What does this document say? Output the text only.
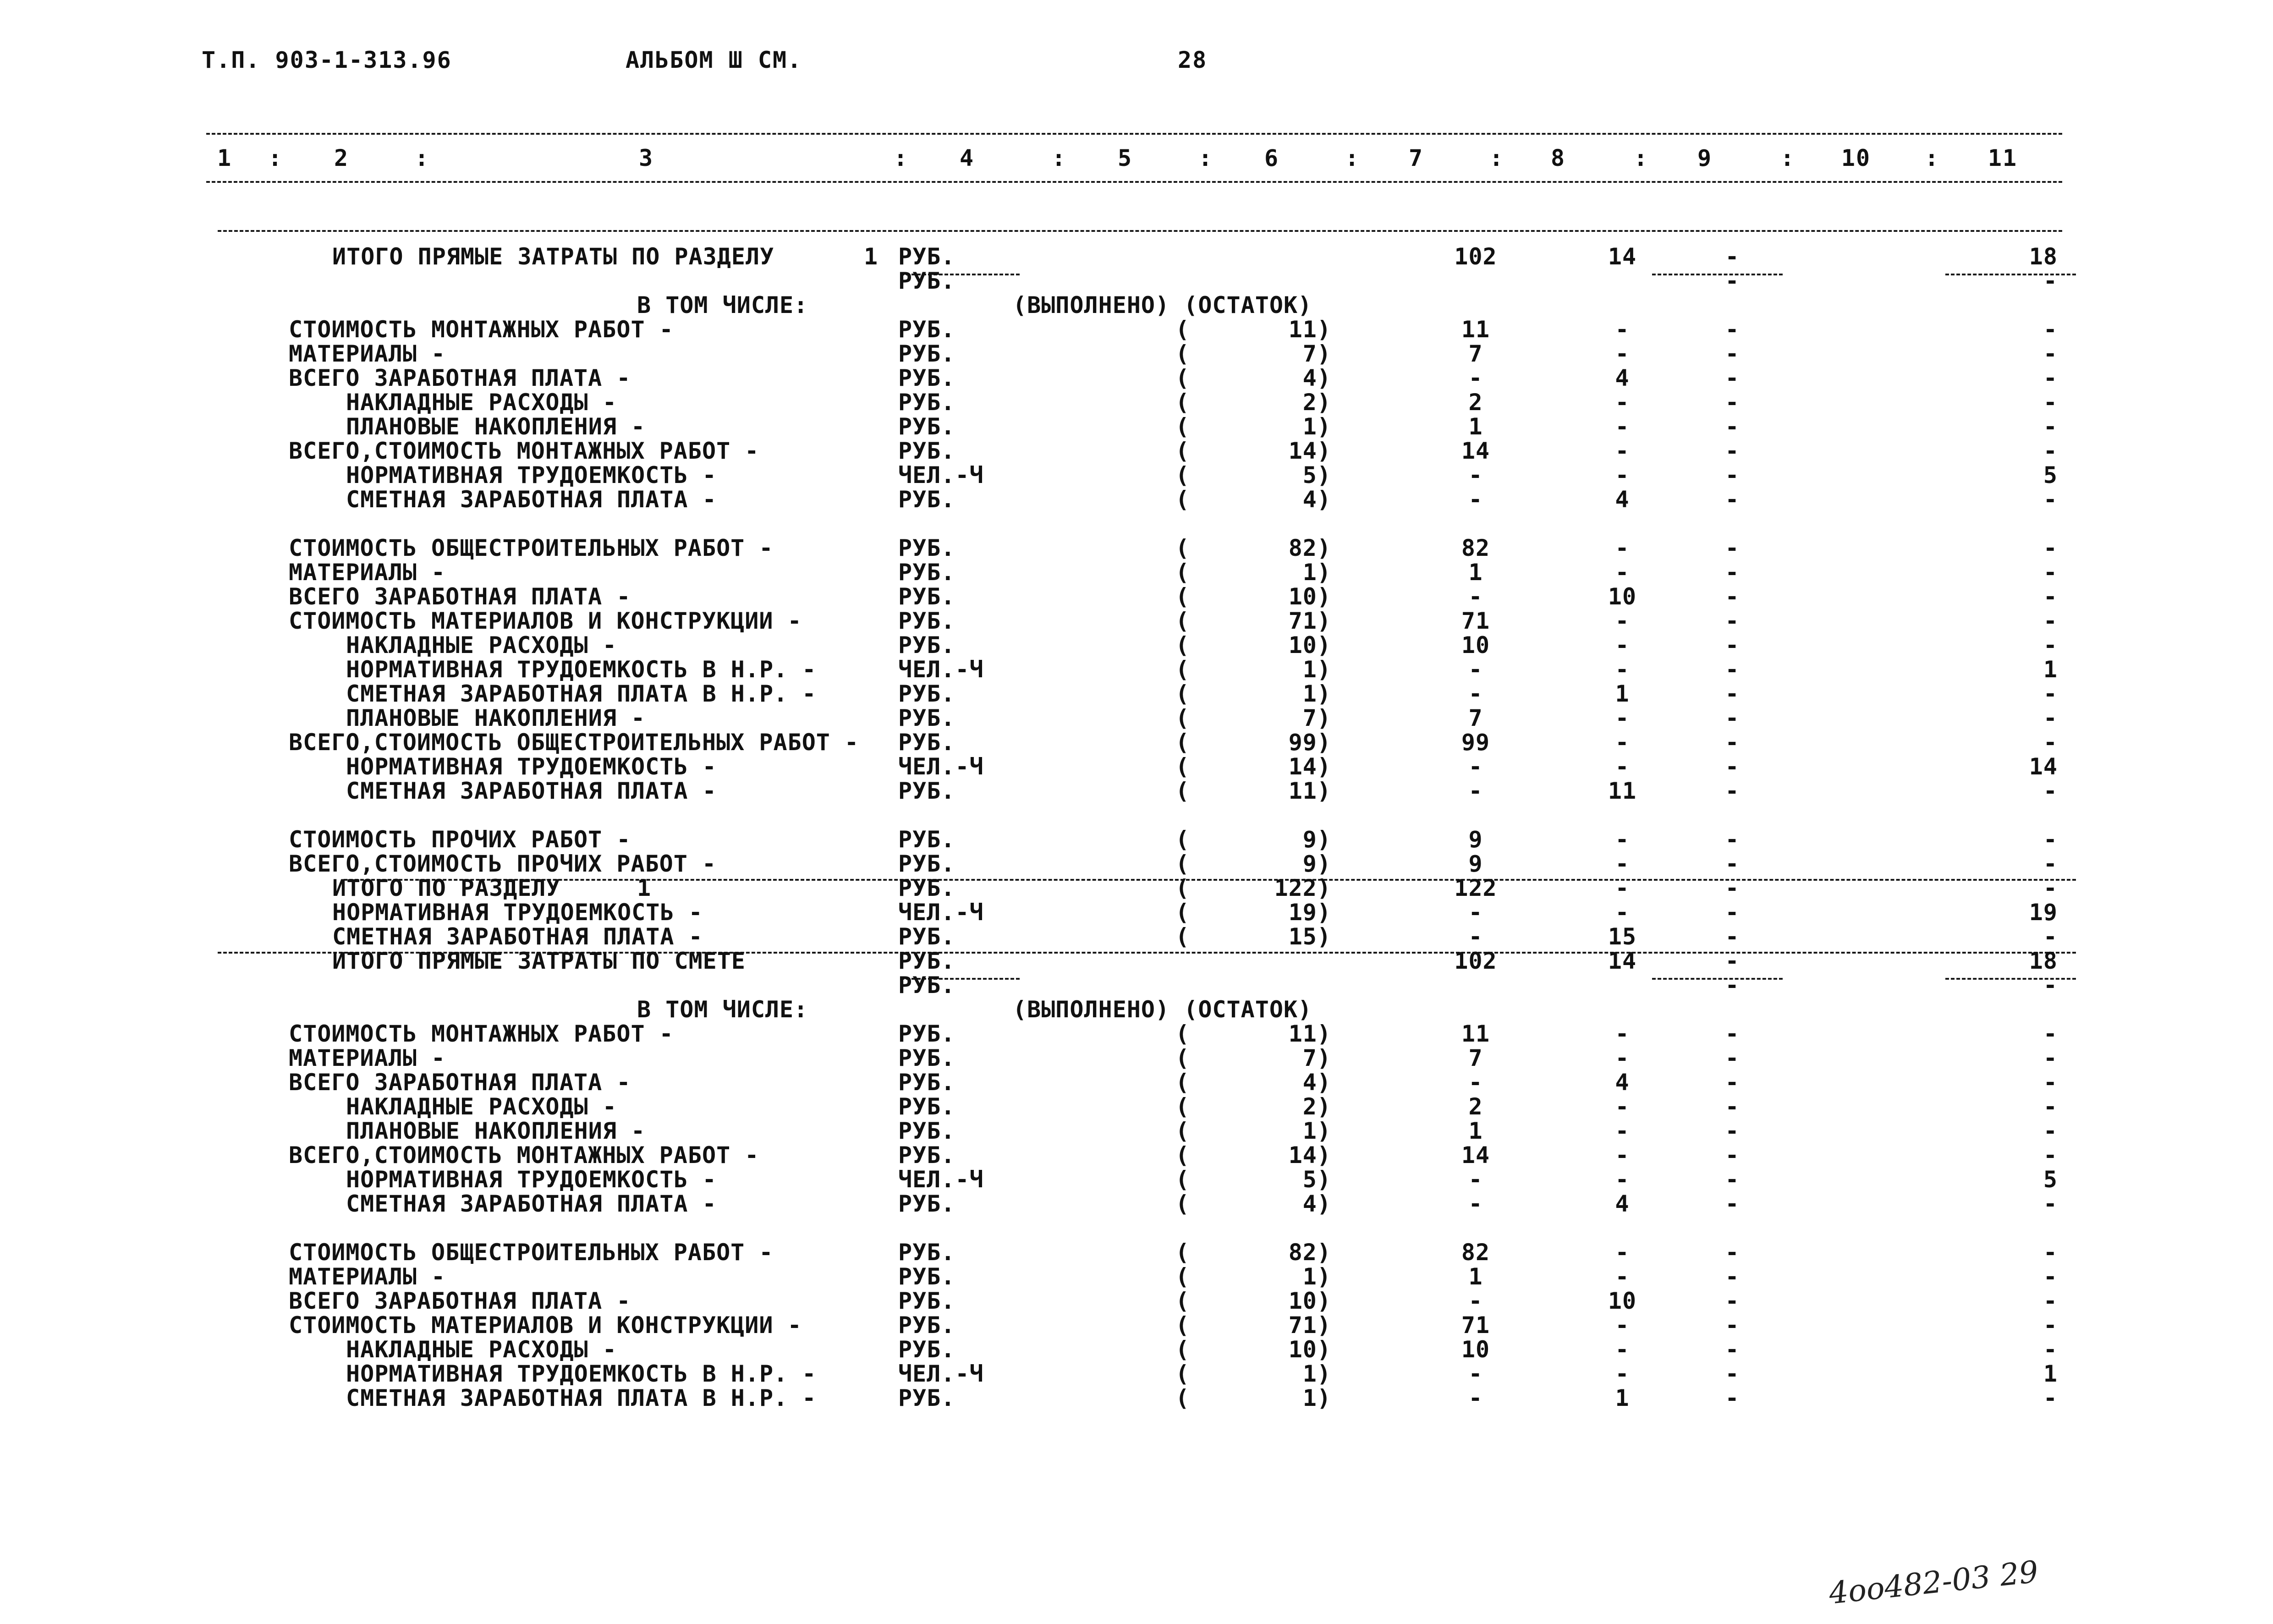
Т.П. 903-1-313.96	АЛЬБОМ Ш СМ.	28
1	2	3	4	5	6	7	8	9	10	11
:	:	:	:	:	:	:	:	:	:
ИТОГО ПРЯМЫЕ ЗАТРАТЫ ПО РАЗДЕЛУ	1 РУБ.	102	14	-	18
РУБ.	-	-
В ТОМ ЧИСЛЕ:	(ВЫПОЛНЕНО) (ОСТАТОК)
СТОИМОСТЬ МОНТАЖНЫХ РАБОТ -	РУБ.	(	11)	11	-	-	-
МАТЕРИАЛЫ -	РУБ.	(	7)	7	-	-	-
ВСЕГО ЗАРАБОТНАЯ ПЛАТА -	РУБ.	(	4)	-	4	-	-
НАКЛАДНЫЕ РАСХОДЫ -	РУБ.	(	2)	2	-	-	-
ПЛАНОВЫЕ НАКОПЛЕНИЯ -	РУБ.	(	1)	1	-	-	-
ВСЕГО,СТОИМОСТЬ МОНТАЖНЫХ РАБОТ -	РУБ.	(	14)	14	-	-	-
НОРМАТИВНАЯ ТРУДОЕМКОСТЬ -	ЧЕЛ.-Ч	(	5)	-	-	-	5
СМЕТНАЯ ЗАРАБОТНАЯ ПЛАТА -	РУБ.	(	4)	-	4	-	-
СТОИМОСТЬ ОБЩЕСТРОИТЕЛЬНЫХ РАБОТ -	РУБ.	(	82)	82	-	-	-
МАТЕРИАЛЫ -	РУБ.	(	1)	1	-	-	-
ВСЕГО ЗАРАБОТНАЯ ПЛАТА -	РУБ.	(	10)	-	10	-	-
СТОИМОСТЬ МАТЕРИАЛОВ И КОНСТРУКЦИИ -	РУБ.	(	71)	71	-	-	-
НАКЛАДНЫЕ РАСХОДЫ -	РУБ.	(	10)	10	-	-	-
НОРМАТИВНАЯ ТРУДОЕМКОСТЬ В Н.Р. -	ЧЕЛ.-Ч	(	1)	-	-	-	1
СМЕТНАЯ ЗАРАБОТНАЯ ПЛАТА В Н.Р. -	РУБ.	(	1)	-	1	-	-
ПЛАНОВЫЕ НАКОПЛЕНИЯ -	РУБ.	(	7)	7	-	-	-
ВСЕГО,СТОИМОСТЬ ОБЩЕСТРОИТЕЛЬНЫХ РАБОТ - РУБ.	(	99)	99	-	-	-
НОРМАТИВНАЯ ТРУДОЕМКОСТЬ -	ЧЕЛ.-Ч	(	14)	-	-	-	14
СМЕТНАЯ ЗАРАБОТНАЯ ПЛАТА -	РУБ.	(	11)	-	11	-	-
СТОИМОСТЬ ПРОЧИХ РАБОТ -	РУБ.	(	9)	9	-	-	-
ВСЕГО,СТОИМОСТЬ ПРОЧИХ РАБОТ -	РУБ.	(	9)	9	-	-	-
ИТОГО ПО РАЗДЕЛУ	1	РУБ.	(	122)	122	-	-	-
НОРМАТИВНАЯ ТРУДОЕМКОСТЬ -	ЧЕЛ.-Ч	(	19)	-	-	-	19
СМЕТНАЯ ЗАРАБОТНАЯ ПЛАТА -	РУБ.	(	15)	-	15	-	-
ИТОГО ПРЯМЫЕ ЗАТРАТЫ ПО СМЕТЕ	РУБ.	102	14	-	18
РУБ.	-	-
В ТОМ ЧИСЛЕ:	(ВЫПОЛНЕНО) (ОСТАТОК)
СТОИМОСТЬ МОНТАЖНЫХ РАБОТ -	РУБ.	(	11)	11	-	-	-
МАТЕРИАЛЫ -	РУБ.	(	7)	7	-	-	-
ВСЕГО ЗАРАБОТНАЯ ПЛАТА -	РУБ.	(	4)	-	4	-	-
НАКЛАДНЫЕ РАСХОДЫ -	РУБ.	(	2)	2	-	-	-
ПЛАНОВЫЕ НАКОПЛЕНИЯ -	РУБ.	(	1)	1	-	-	-
ВСЕГО,СТОИМОСТЬ МОНТАЖНЫХ РАБОТ -	РУБ.	(	14)	14	-	-	-
НОРМАТИВНАЯ ТРУДОЕМКОСТЬ -	ЧЕЛ.-Ч	(	5)	-	-	-	5
СМЕТНАЯ ЗАРАБОТНАЯ ПЛАТА -	РУБ.	(	4)	-	4	-	-
СТОИМОСТЬ ОБЩЕСТРОИТЕЛЬНЫХ РАБОТ -	РУБ.	(	82)	82	-	-	-
МАТЕРИАЛЫ -	РУБ.	(	1)	1	-	-	-
ВСЕГО ЗАРАБОТНАЯ ПЛАТА -	РУБ.	(	10)	-	10	-	-
СТОИМОСТЬ МАТЕРИАЛОВ И КОНСТРУКЦИИ -	РУБ.	(	71)	71	-	-	-
НАКЛАДНЫЕ РАСХОДЫ -	РУБ.	(	10)	10	-	-	-
НОРМАТИВНАЯ ТРУДОЕМКОСТЬ В Н.Р. -	ЧЕЛ.-Ч	(	1)	-	-	-	1
СМЕТНАЯ ЗАРАБОТНАЯ ПЛАТА В Н.Р. -	РУБ.	(	1)	-	1	-	-
4оо482-03 29
